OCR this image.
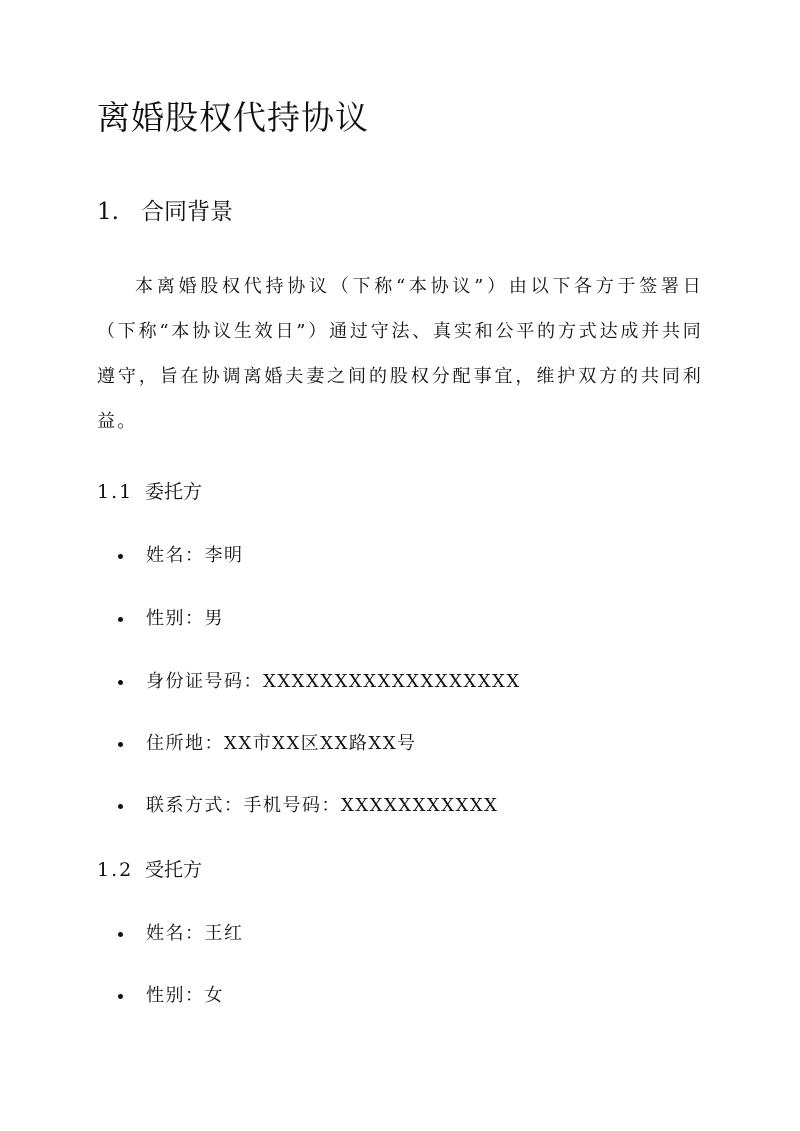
离婚股权代持协议
1. 合同背景

本离婚股权代持协议（下称“本协议”）由以下各方于签署日（下称“本协议生效日”）通过守法、真实和公平的方式达成并共同遵守，旨在协调离婚夫妻之间的股权分配事宜，维护双方的共同利益。

1.1 委托方
姓名：李明
性别：男
身份证号码：XXXXXXXXXXXXXXXXXX
住所地：XX市XX区XX路XX号
联系方式：手机号码：XXXXXXXXXXX
1.2 受托方
姓名：王红
性别：女
